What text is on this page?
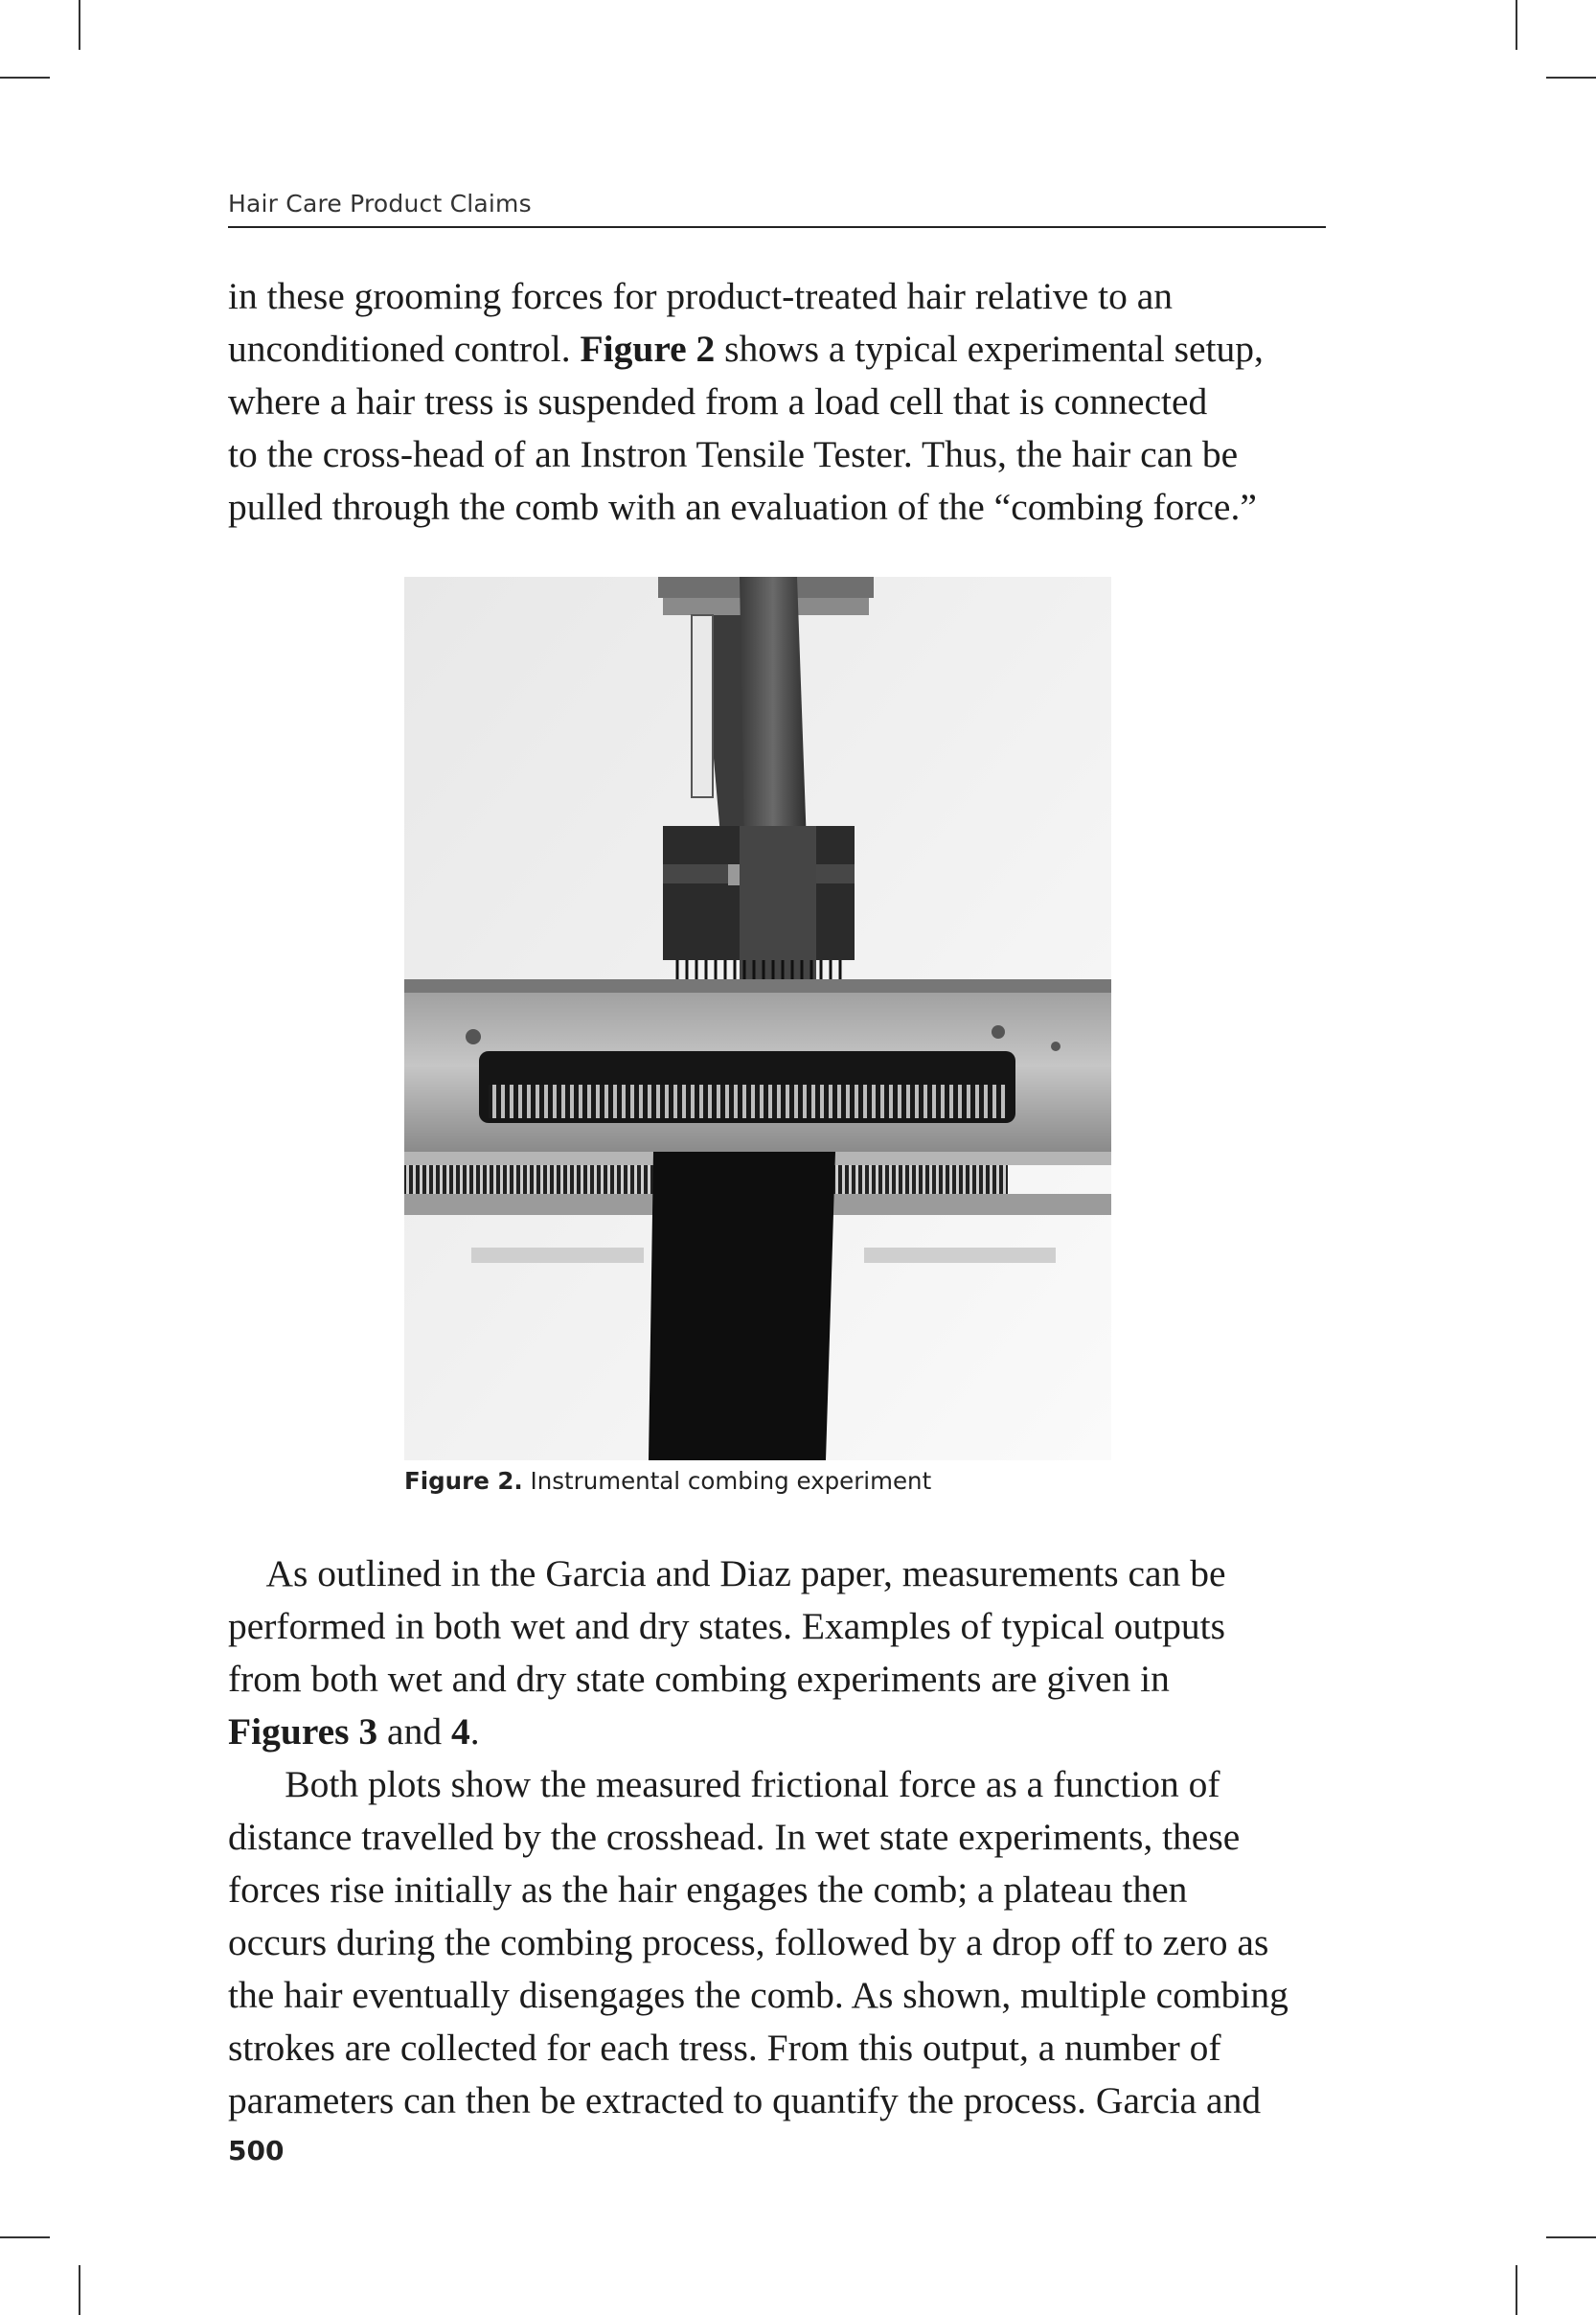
Hair Care Product Claims
in these grooming forces for product-treated hair relative to an
unconditioned control. Figure 2 shows a typical experimental setup,
where a hair tress is suspended from a load cell that is connected
to the cross-head of an Instron Tensile Tester. Thus, the hair can be
pulled through the comb with an evaluation of the “combing force.”
Figure 2. Instrumental combing experiment
As outlined in the Garcia and Diaz paper, measurements can be
performed in both wet and dry states. Examples of typical outputs
from both wet and dry state combing experiments are given in
Figures 3 and 4.
Both plots show the measured frictional force as a function of
distance travelled by the crosshead. In wet state experiments, these
forces rise initially as the hair engages the comb; a plateau then
occurs during the combing process, followed by a drop off to zero as
the hair eventually disengages the comb. As shown, multiple combing
strokes are collected for each tress. From this output, a number of
parameters can then be extracted to quantify the process. Garcia and
500
